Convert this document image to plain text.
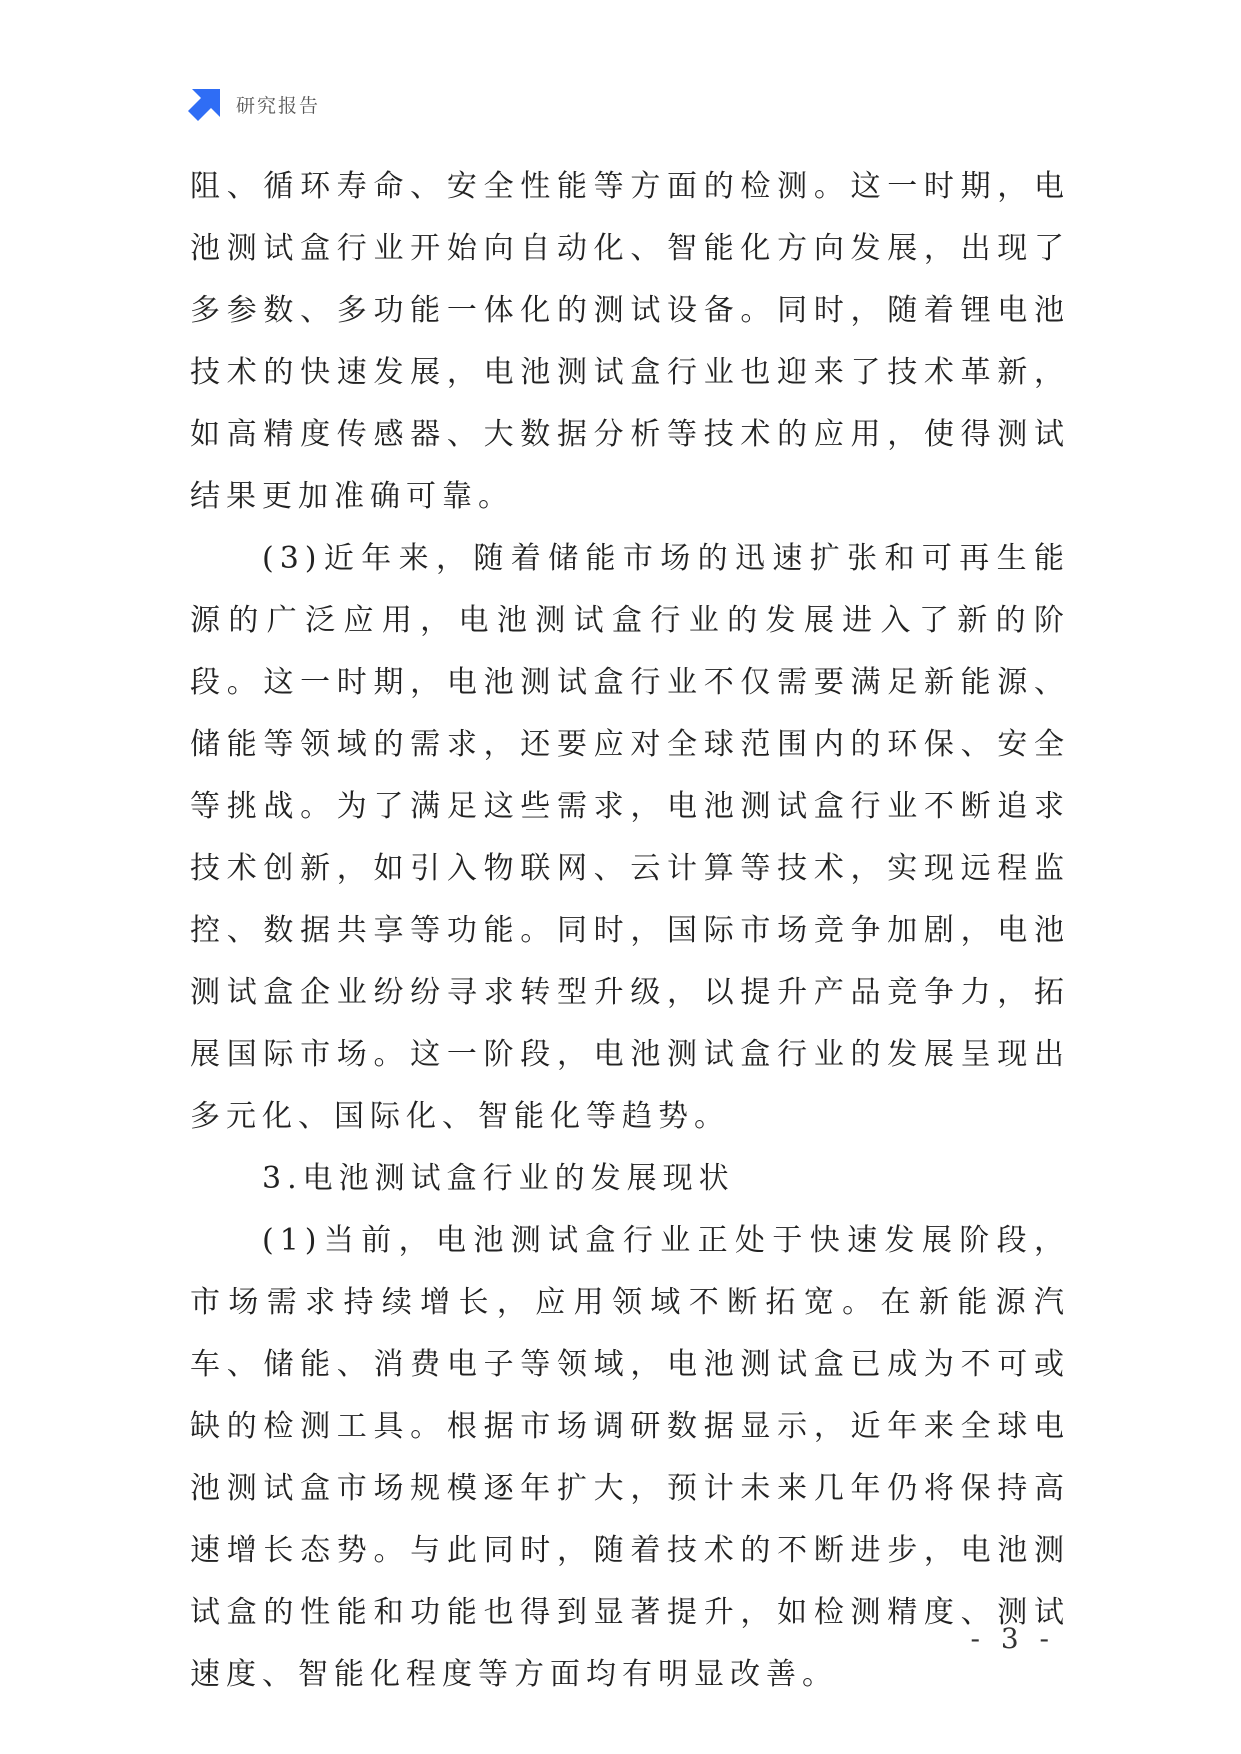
研究报告

阻、循环寿命、安全性能等方面的检测。这一时期，电池测试盒行业开始向自动化、智能化方向发展，出现了多参数、多功能一体化的测试设备。同时，随着锂电池技术的快速发展，电池测试盒行业也迎来了技术革新，如高精度传感器、大数据分析等技术的应用，使得测试结果更加准确可靠。

(3)近年来，随着储能市场的迅速扩张和可再生能源的广泛应用，电池测试盒行业的发展进入了新的阶段。这一时期，电池测试盒行业不仅需要满足新能源、储能等领域的需求，还要应对全球范围内的环保、安全等挑战。为了满足这些需求，电池测试盒行业不断追求技术创新，如引入物联网、云计算等技术，实现远程监控、数据共享等功能。同时，国际市场竞争加剧，电池测试盒企业纷纷寻求转型升级，以提升产品竞争力，拓展国际市场。这一阶段，电池测试盒行业的发展呈现出多元化、国际化、智能化等趋势。

3.电池测试盒行业的发展现状

(1)当前，电池测试盒行业正处于快速发展阶段，市场需求持续增长，应用领域不断拓宽。在新能源汽车、储能、消费电子等领域，电池测试盒已成为不可或缺的检测工具。根据市场调研数据显示，近年来全球电池测试盒市场规模逐年扩大，预计未来几年仍将保持高速增长态势。与此同时，随着技术的不断进步，电池测试盒的性能和功能也得到显著提升，如检测精度、测试速度、智能化程度等方面均有明显改善。

- 3 -
